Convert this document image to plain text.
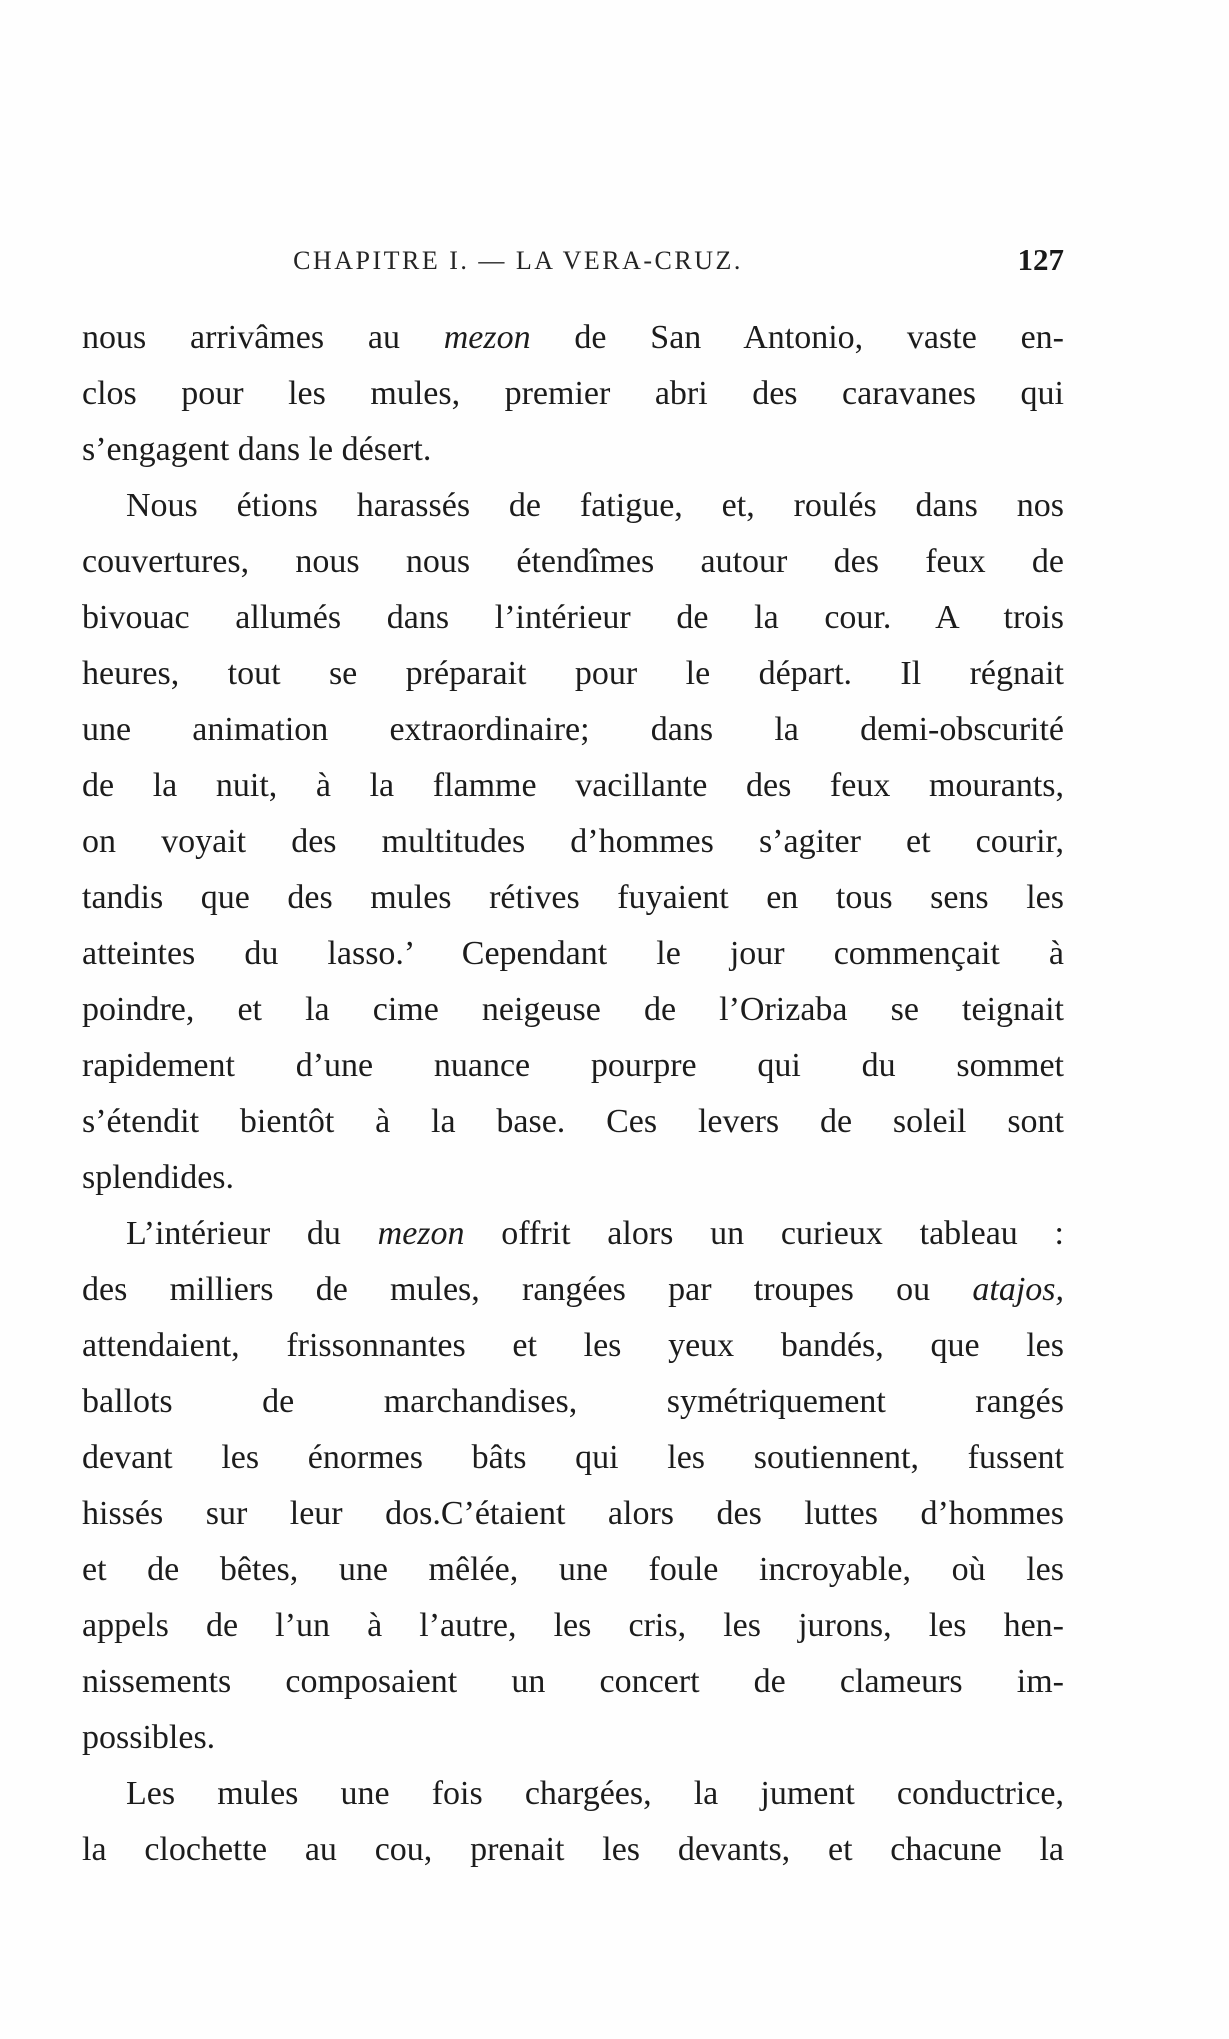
CHAPITRE I. — LA VERA-CRUZ.	127
nous arrivâmes au mezon de San Antonio, vaste en-
clos pour les mules, premier abri des caravanes qui
s’engagent dans le désert.
Nous étions harassés de fatigue, et, roulés dans nos
couvertures, nous nous étendîmes autour des feux de
bivouac allumés dans l’intérieur de la cour. A trois
heures, tout se préparait pour le départ. Il régnait
une animation extraordinaire; dans la demi-obscurité
de la nuit, à la flamme vacillante des feux mourants,
on voyait des multitudes d’hommes s’agiter et courir,
tandis que des mules rétives fuyaient en tous sens les
atteintes du lasso.’ Cependant le jour commençait à
poindre, et la cime neigeuse de l’Orizaba se teignait
rapidement d’une nuance pourpre qui du sommet
s’étendit bientôt à la base. Ces levers de soleil sont
splendides.
L’intérieur du mezon offrit alors un curieux tableau :
des milliers de mules, rangées par troupes ou atajos,
attendaient, frissonnantes et les yeux bandés, que les
ballots de marchandises, symétriquement rangés
devant les énormes bâts qui les soutiennent, fussent
hissés sur leur dos.C’étaient alors des luttes d’hommes
et de bêtes, une mêlée, une foule incroyable, où les
appels de l’un à l’autre, les cris, les jurons, les hen-
nissements composaient un concert de clameurs im-
possibles.
Les mules une fois chargées, la jument conductrice,
la clochette au cou, prenait les devants, et chacune la
